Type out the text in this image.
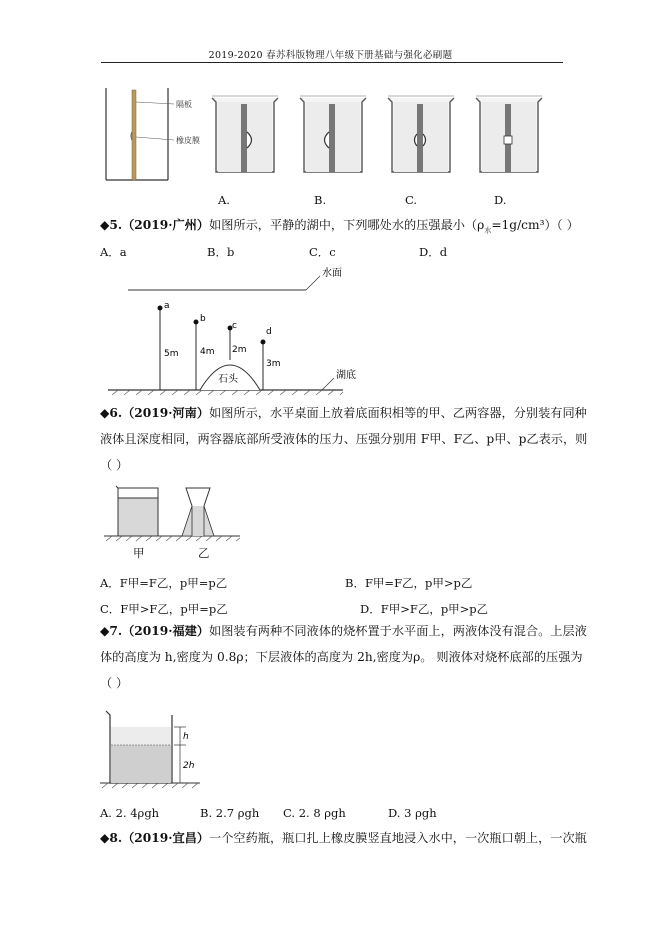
2019-2020 春苏科版物理八年级下册基础与强化必刷题
隔板
橡皮膜
A.	B.	C.	D.
◆5.（2019·广州）如图所示，平静的湖中，下列哪处水的压强最小$(\rho_水=1g/cm^3)$（ ）
A．a	B．b	C．c	D．d
水面
湖底
石头
a
5m
b
4m
c
2m
d
3m
◆6.（2019·河南）如图所示，水平桌面上放着底面积相等的甲、乙两容器，分别装有同种
液体且深度相同，两容器底部所受液体的压力、压强分别用 F甲、F乙、p甲、p乙表示，则
（ ）
甲	乙
A．F甲=F乙，p甲=p乙	B．F甲=F乙，p甲>p乙
C．F甲>F乙，p甲=p乙	D．F甲>F乙，p甲>p乙
◆7.（2019·福建）如图装有两种不同液体的烧杯置于水平面上，两液体没有混合。上层液
体的高度为 h,密度为 0.8ρ；下层液体的高度为 2h,密度为ρ。 则液体对烧杯底部的压强为
（ ）
h
2h
A. 2. 4ρgh	B. 2.7 ρgh C. 2. 8 ρgh	D. 3 ρgh
◆8.（2019·宜昌）一个空药瓶，瓶口扎上橡皮膜竖直地浸入水中，一次瓶口朝上，一次瓶
